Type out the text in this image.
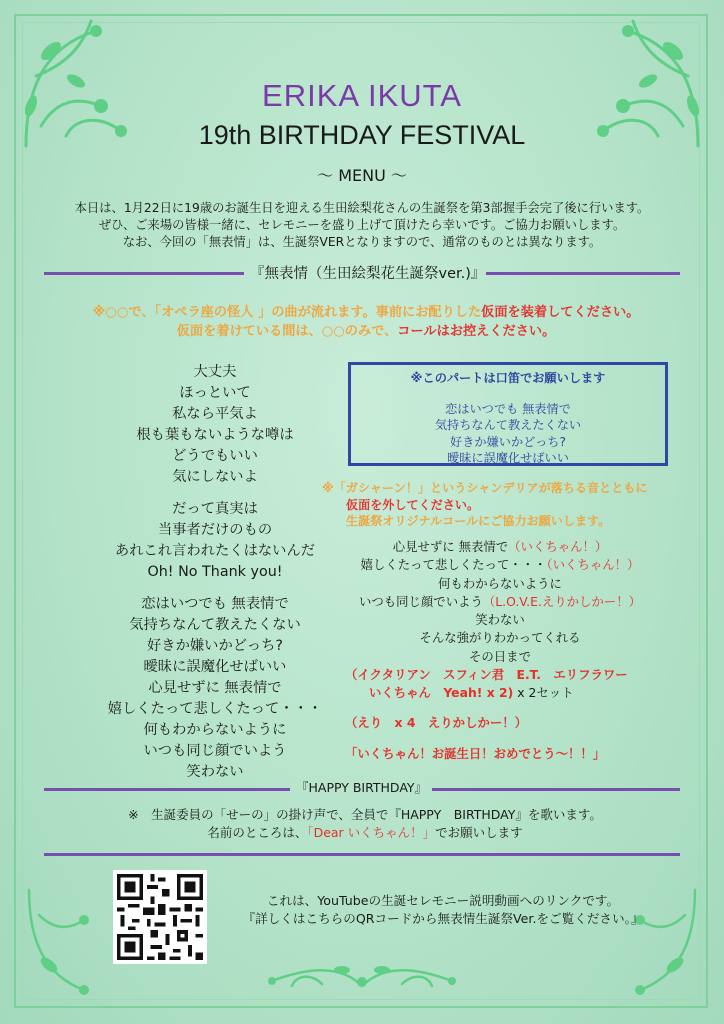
ERIKA IKUTA
19th BIRTHDAY FESTIVAL
～ MENU ～
本日は、1月22日に19歳のお誕生日を迎える生田絵梨花さんの生誕祭を第3部握手会完了後に行います。
ぜひ、ご来場の皆様一緒に、セレモニーを盛り上げて頂けたら幸いです。ご協力お願いします。
なお、今回の「無表情」は、生誕祭VERとなりますので、通常のものとは異なります。
『無表情（生田絵梨花生誕祭ver.)』
※○○で、「オペラ座の怪人 」の曲が流れます。事前にお配りした仮面を装着してください。
仮面を着けている間は、○○のみで、コールはお控えください。
大丈夫
ほっといて
私なら平気よ
根も葉もないような噂は
どうでもいい
気にしないよ
だって真実は
当事者だけのもの
あれこれ言われたくはないんだ
Oh! No Thank you!
恋はいつでも 無表情で
気持ちなんて教えたくない
好きか嫌いかどっち?
曖昧に誤魔化せばいい
心見せずに 無表情で
嬉しくたって悲しくたって・・・
何もわからないように
いつも同じ顔でいよう
笑わない
※このパートは口笛でお願いします
恋はいつでも 無表情で
気持ちなんて教えたくない
好きか嫌いかどっち?
曖昧に誤魔化せばいい
※「ガシャーン！」というシャンデリアが落ちる音とともに
仮面を外してください。
生誕祭オリジナルコールにご協力お願いします。
心見せずに 無表情で（いくちゃん！）
嬉しくたって悲しくたって・・・（いくちゃん！）
何もわからないように
いつも同じ顔でいよう（L.O.V.E.えりかしかー！）
笑わない
そんな強がりわかってくれる
その日まで
（イクタリアン　スフィン君　E.T.　エリフラワー
いくちゃん　Yeah! x 2) x 2セット
（えり　x 4　えりかしかー！）
「いくちゃん！お誕生日！おめでとう～！！」
『HAPPY BIRTHDAY』
※　生誕委員の「せーの」の掛け声で、全員で『HAPPY　BIRTHDAY』を歌います。
名前のところは、「Dear いくちゃん！」でお願いします
これは、YouTubeの生誕セレモニー説明動画へのリンクです。
『詳しくはこちらのQRコードから無表情生誕祭Ver.をご覧ください。』
